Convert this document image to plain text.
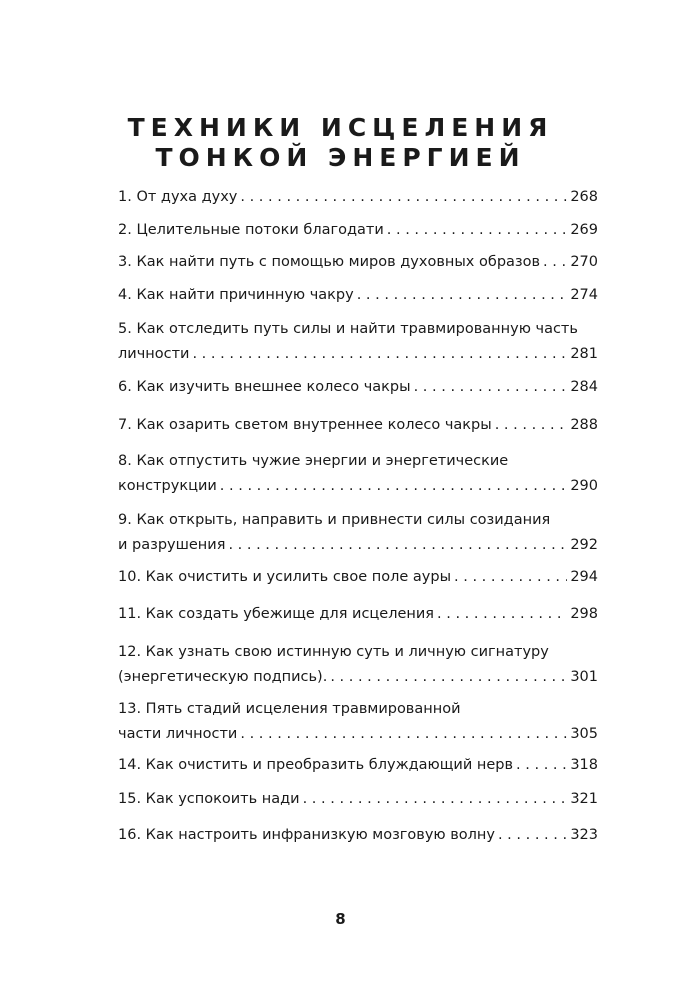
ТЕХНИКИ ИСЦЕЛЕНИЯ
ТОНКОЙ ЭНЕРГИЕЙ
1. От духа духу . . .	268
2. Целительные потоки благодати . . .	269
3. Как найти путь с помощью миров духовных образов . . . 270
4. Как найти причинную чакру . . .	274
5. Как отследить путь силы и найти травмированную часть
личности . . .	281
6. Как изучить внешнее колесо чакры . . .	284
7. Как озарить светом внутреннее колесо чакры . . .	288
8. Как отпустить чужие энергии и энергетические
конструкции . . .	290
9. Как открыть, направить и привнести силы созидания
и разрушения . . .	292
10. Как очистить и усилить свое поле ауры . . .	294
11. Как создать убежище для исцеления . . .	298
12. Как узнать свою истинную суть и личную сигнатуру
(энергетическую подпись). . . .	301
13. Пять стадий исцеления травмированной
части личности . . .	305
14. Как очистить и преобразить блуждающий нерв . . .	318
15. Как успокоить нади . . .	321
16. Как настроить инфранизкую мозговую волну . . .	323
8
